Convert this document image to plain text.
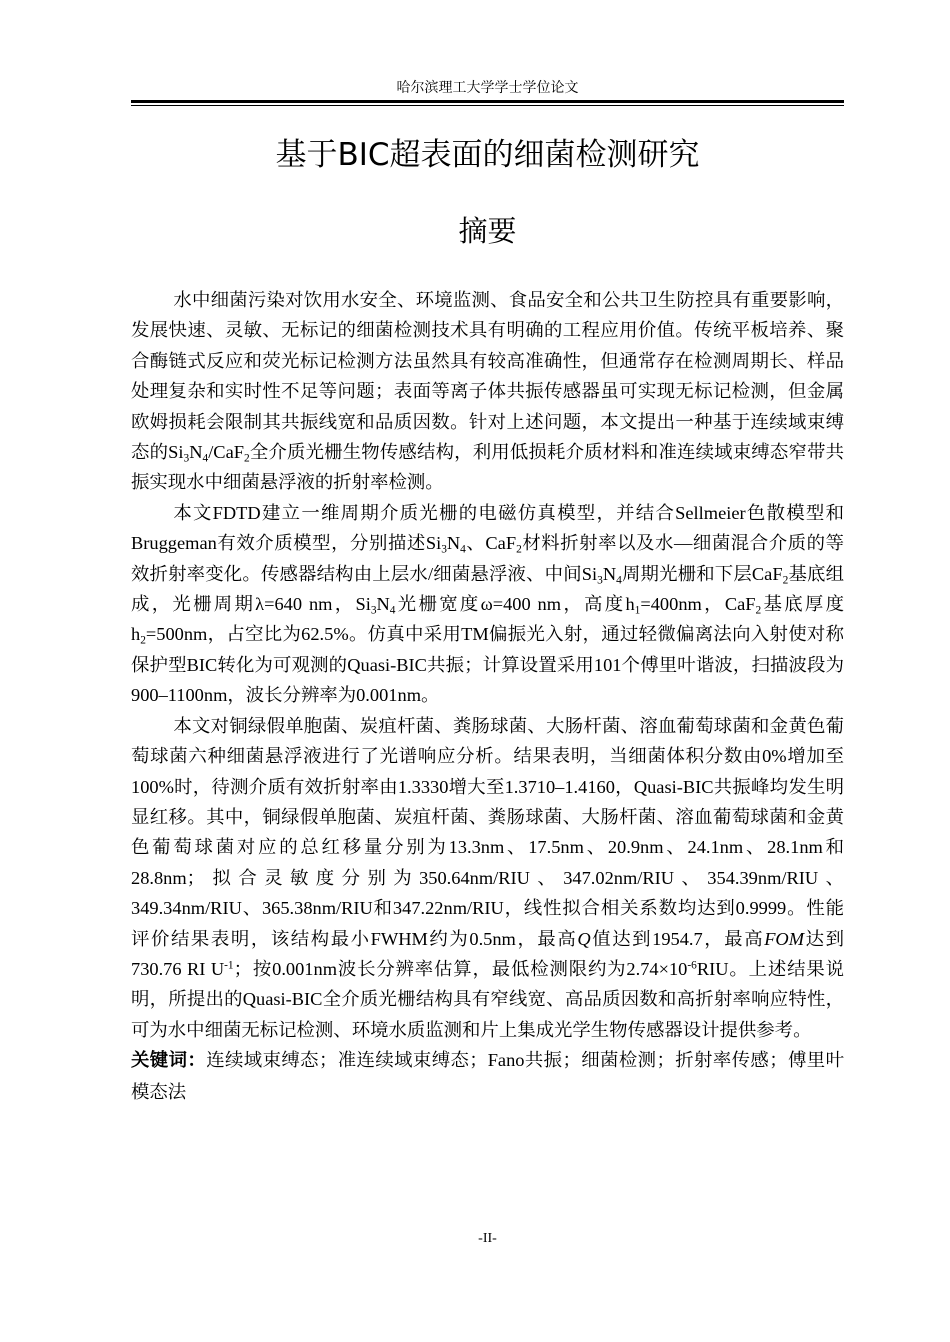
哈尔滨理工大学学士学位论文
基于BIC超表面的细菌检测研究
摘要

水中细菌污染对饮用水安全、环境监测、食品安全和公共卫生防控具有重要影响，发展快速、灵敏、无标记的细菌检测技术具有明确的工程应用价值。传统平板培养、聚合酶链式反应和荧光标记检测方法虽然具有较高准确性，但通常存在检测周期长、样品处理复杂和实时性不足等问题；表面等离子体共振传感器虽可实现无标记检测，但金属欧姆损耗会限制其共振线宽和品质因数。针对上述问题，本文提出一种基于连续域束缚态的$Si_3N_4/CaF_2$全介质光栅生物传感结构，利用低损耗介质材料和准连续域束缚态窄带共振实现水中细菌悬浮液的折射率检测。

本文FDTD建立一维周期介质光栅的电磁仿真模型，并结合Sellmeier色散模型和Bruggeman有效介质模型，分别描述$Si_3N_4$、CaF$_2$材料折射率以及水—细菌混合介质的等效折射率变化。传感器结构由上层水/细菌悬浮液、中间$Si_3N_4$周期光栅和下层CaF$_2$基底组成，光栅周期λ=640 nm，$Si_3N_4$光栅宽度ω=400 nm，高度$h_1=400nm$，CaF$_2$基底厚度$h_2=500nm$，占空比为62.5%。仿真中采用TM偏振光入射，通过轻微偏离法向入射使对称保护型BIC转化为可观测的Quasi-BIC共振；计算设置采用101个傅里叶谐波，扫描波段为900–1100nm，波长分辨率为0.001nm。

本文对铜绿假单胞菌、炭疽杆菌、粪肠球菌、大肠杆菌、溶血葡萄球菌和金黄色葡萄球菌六种细菌悬浮液进行了光谱响应分析。结果表明，当细菌体积分数由0%增加至100%时，待测介质有效折射率由1.3330增大至1.3710–1.4160，Quasi-BIC共振峰均发生明显红移。其中，铜绿假单胞菌、炭疽杆菌、粪肠球菌、大肠杆菌、溶血葡萄球菌和金黄色葡萄球菌对应的总红移量分别为13.3nm、17.5nm、20.9nm、24.1nm、28.1nm和28.8nm；拟合灵敏度分别为350.64nm/RIU、347.02nm/RIU、354.39nm/RIU、349.34nm/RIU、365.38nm/RIU和347.22nm/RIU，线性拟合相关系数均达到0.9999。性能评价结果表明，该结构最小FWHM约为0.5nm，最高Q值达到1954.7，最高FOM达到730.76 RI $U^{-1}$；按0.001nm波长分辨率估算，最低检测限约为$2.74\times 10^{-6}RIU$。上述结果说明，所提出的Quasi-BIC全介质光栅结构具有窄线宽、高品质因数和高折射率响应特性，可为水中细菌无标记检测、环境水质监测和片上集成光学生物传感器设计提供参考。

关键词：连续域束缚态；准连续域束缚态；Fano共振；细菌检测；折射率传感；傅里叶模态法
-II-
